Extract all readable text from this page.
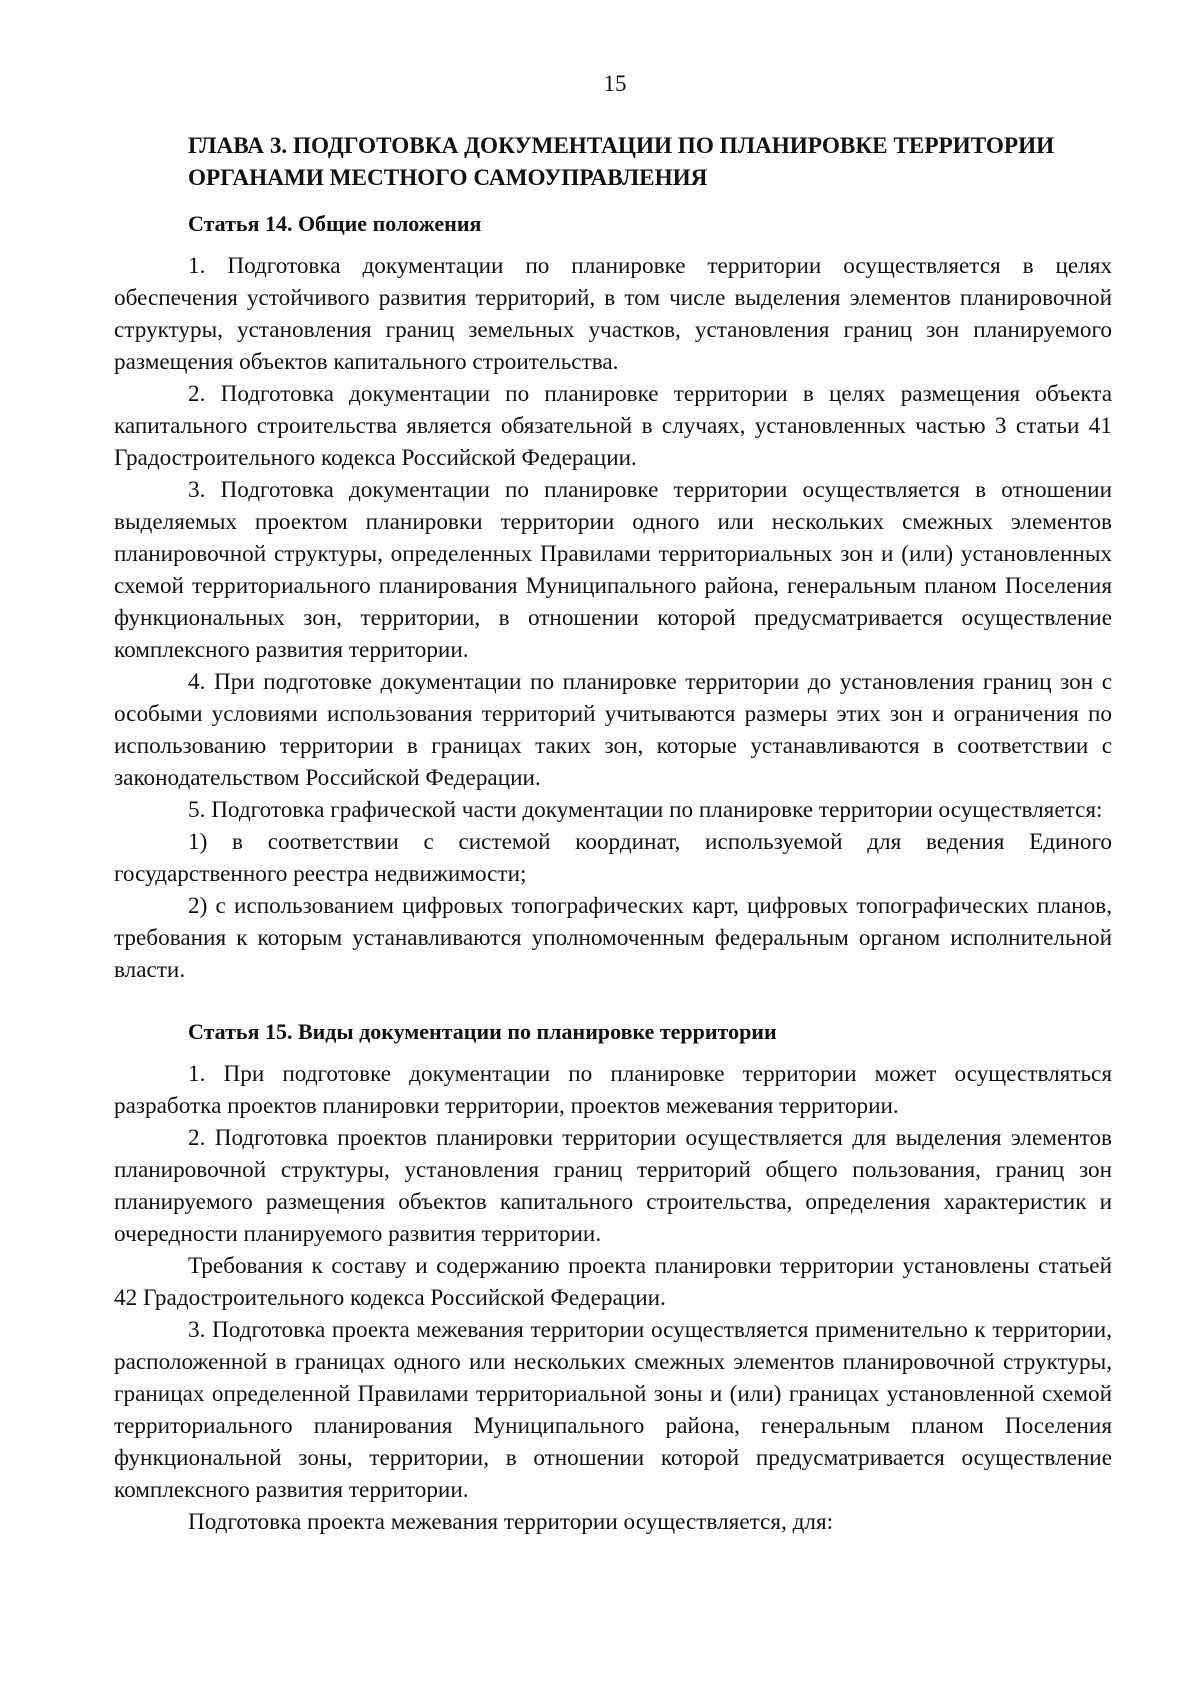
15
ГЛАВА 3. ПОДГОТОВКА ДОКУМЕНТАЦИИ ПО ПЛАНИРОВКЕ ТЕРРИТОРИИ
ОРГАНАМИ МЕСТНОГО САМОУПРАВЛЕНИЯ
Статья 14. Общие положения

1. Подготовка документации по планировке территории осуществляется в целях обеспечения устойчивого развития территорий, в том числе выделения элементов планировочной структуры, установления границ земельных участков, установления границ зон планируемого размещения объектов капитального строительства.

2. Подготовка документации по планировке территории в целях размещения объекта капитального строительства является обязательной в случаях, установленных частью 3 статьи 41 Градостроительного кодекса Российской Федерации.

3. Подготовка документации по планировке территории осуществляется в отношении выделяемых проектом планировки территории одного или нескольких смежных элементов планировочной структуры, определенных Правилами территориальных зон и (или) установленных схемой территориального планирования Муниципального района, генеральным планом Поселения функциональных зон, территории, в отношении которой предусматривается осуществление комплексного развития территории.

4. При подготовке документации по планировке территории до установления границ зон с особыми условиями использования территорий учитываются размеры этих зон и ограничения по использованию территории в границах таких зон, которые устанавливаются в соответствии с законодательством Российской Федерации.

5. Подготовка графической части документации по планировке территории осуществляется:

1) в соответствии с системой координат, используемой для ведения Единого государственного реестра недвижимости;

2) с использованием цифровых топографических карт, цифровых топографических планов, требования к которым устанавливаются уполномоченным федеральным органом исполнительной власти.

Статья 15. Виды документации по планировке территории

1. При подготовке документации по планировке территории может осуществляться разработка проектов планировки территории, проектов межевания территории.

2. Подготовка проектов планировки территории осуществляется для выделения элементов планировочной структуры, установления границ территорий общего пользования, границ зон планируемого размещения объектов капитального строительства, определения характеристик и очередности планируемого развития территории.

Требования к составу и содержанию проекта планировки территории установлены статьей 42 Градостроительного кодекса Российской Федерации.

3. Подготовка проекта межевания территории осуществляется применительно к территории, расположенной в границах одного или нескольких смежных элементов планировочной структуры, границах определенной Правилами территориальной зоны и (или) границах установленной схемой территориального планирования Муниципального района, генеральным планом Поселения функциональной зоны, территории, в отношении которой предусматривается осуществление комплексного развития территории.

Подготовка проекта межевания территории осуществляется, для:
